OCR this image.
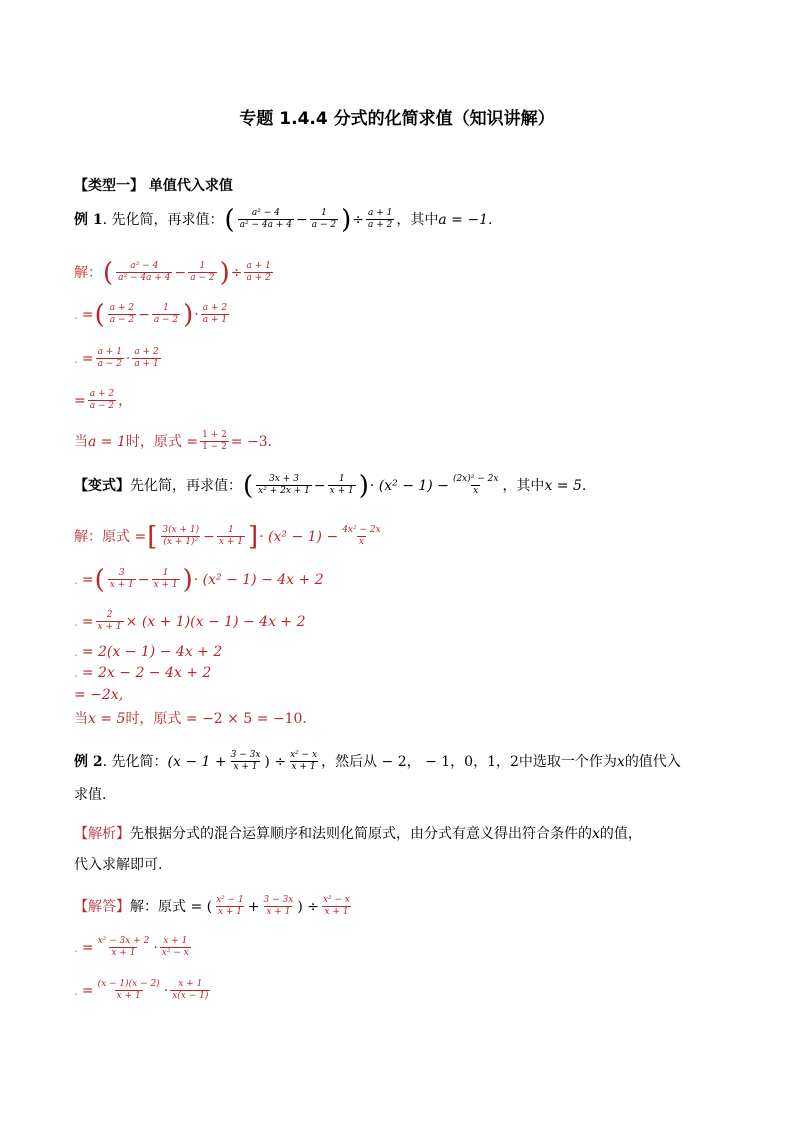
专题 1.4.4 分式的化简求值（知识讲解）
【类型一】 单值代入求值
例 1 . 先化简，再求值： ( $\frac{\text{a² − 4}}{\text{a² − 4a + 4}} - \frac{1}{a - 2}$ ) ÷ $\frac{a + 1}{a + 2}$ ，其中 a = −1 .
解： ( $\frac{\text{a² − 4}}{\text{a² − 4a + 4}} - \frac{1}{a - 2}$ ) ÷ $\frac{a + 1}{a + 2}$
. = ( $\frac{a + 2}{a - 2} - \frac{1}{a - 2}$ ) · $\frac{a + 2}{a + 1}$
. = $\frac{a + 1}{a - 2} \cdot \frac{a + 2}{a + 1}$
= $\frac{a + 2}{a - 2}$ ，
当 a = 1 时，原式 = $\frac{1 + 2}{1 - 2} = -3$.
【变式】 先化简，再求值： ( $\frac{3x + 3}{\text{x² + 2x + 1}} - \frac{1}{x + 1}$ ) · $(x^2 - 1) - \frac{\text{(2x)² − 2x}}{x}$ ，其中 x = 5 .
解：原式 = [ $\frac{3(x + 1)}{\text{(x + 1)²}} - \frac{1}{x + 1}$ ] · $(x^2 - 1) - \frac{\text{4x² − 2x}}{x}$
. = ( $\frac{3}{x + 1} - \frac{1}{x + 1}$ ) · (x² − 1) − 4x + 2
. = $\frac{2}{x + 1} \times (x + 1)(x - 1) - 4x + 2$
. = 2(x − 1) − 4x + 2
. = 2x − 2 − 4x + 2
= −2x,
当 x = 5 时，原式 = −2 × 5 = −10.
例 2 . 先化简： ($x - 1 + \frac{3 - 3x}{x + 1}$ ) ÷ $\frac{\text{x² − x}}{x + 1}$ ，然后从 − 2， − 1，0，1，2中选取一个作为 x 的值代入
求值.
【解析】 先根据分式的混合运算顺序和法则化简原式，由分式有意义得出符合条件的 x 的值，
代入求解即可.
【解答】 解：原式 = ( $\frac{\text{x² − 1}}{x + 1} + \frac{3 - 3x}{x + 1}$ ) ÷ $\frac{\text{x² − x}}{x + 1}$
. = $\frac{\text{x² − 3x + 2}}{x + 1} \cdot \frac{x + 1}{\text{x² − x}}$
. = $\frac{(x - 1)(x - 2)}{x + 1} \cdot \frac{x + 1}{x(x - 1)}$
